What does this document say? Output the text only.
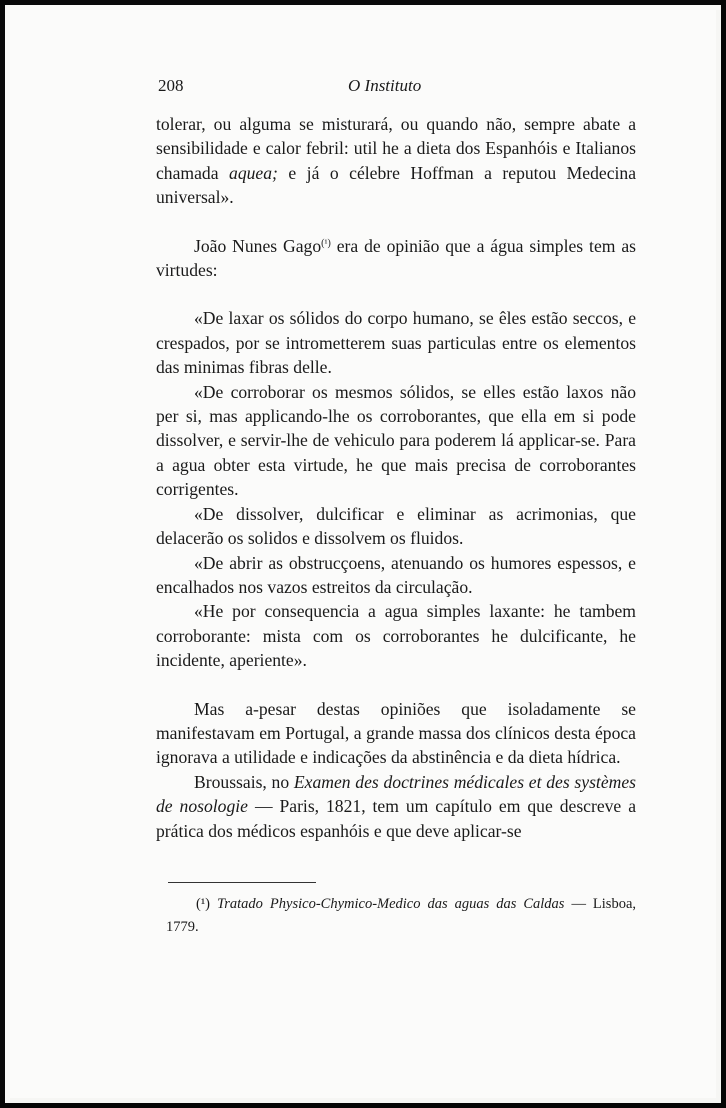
208	O Instituto

tolerar, ou alguma se misturará, ou quando não, sempre abate a sensibilidade e calor febril: util he a dieta dos Espanhóis e Italianos chamada aquea; e já o célebre Hoffman a reputou Medecina universal».

João Nunes Gago$^{(^1)}$ era de opinião que a água simples tem as virtudes:

«De laxar os sólidos do corpo humano, se êles estão seccos, e crespados, por se intrometterem suas particulas entre os elementos das minimas fibras delle.

«De corroborar os mesmos sólidos, se elles estão laxos não per si, mas applicando-lhe os corroborantes, que ella em si pode dissolver, e servir-lhe de vehiculo para poderem lá applicar-se. Para a agua obter esta virtude, he que mais precisa de corroborantes corrigentes.

«De dissolver, dulcificar e eliminar as acrimonias, que delacerão os solidos e dissolvem os fluidos.

«De abrir as obstrucçoens, atenuando os humores espessos, e encalhados nos vazos estreitos da circulação.

«He por consequencia a agua simples laxante: he tambem corroborante: mista com os corroborantes he dulcificante, he incidente, aperiente».

Mas a-pesar destas opiniões que isoladamente se manifestavam em Portugal, a grande massa dos clínicos desta época ignorava a utilidade e indicações da abstinência e da dieta hídrica.

Broussais, no Examen des doctrines médicales et des systèmes de nosologie — Paris, 1821, tem um capítulo em que descreve a prática dos médicos espanhóis e que deve aplicar-se

(¹) Tratado Physico-Chymico-Medico das aguas das Caldas — Lisboa, 1779.
